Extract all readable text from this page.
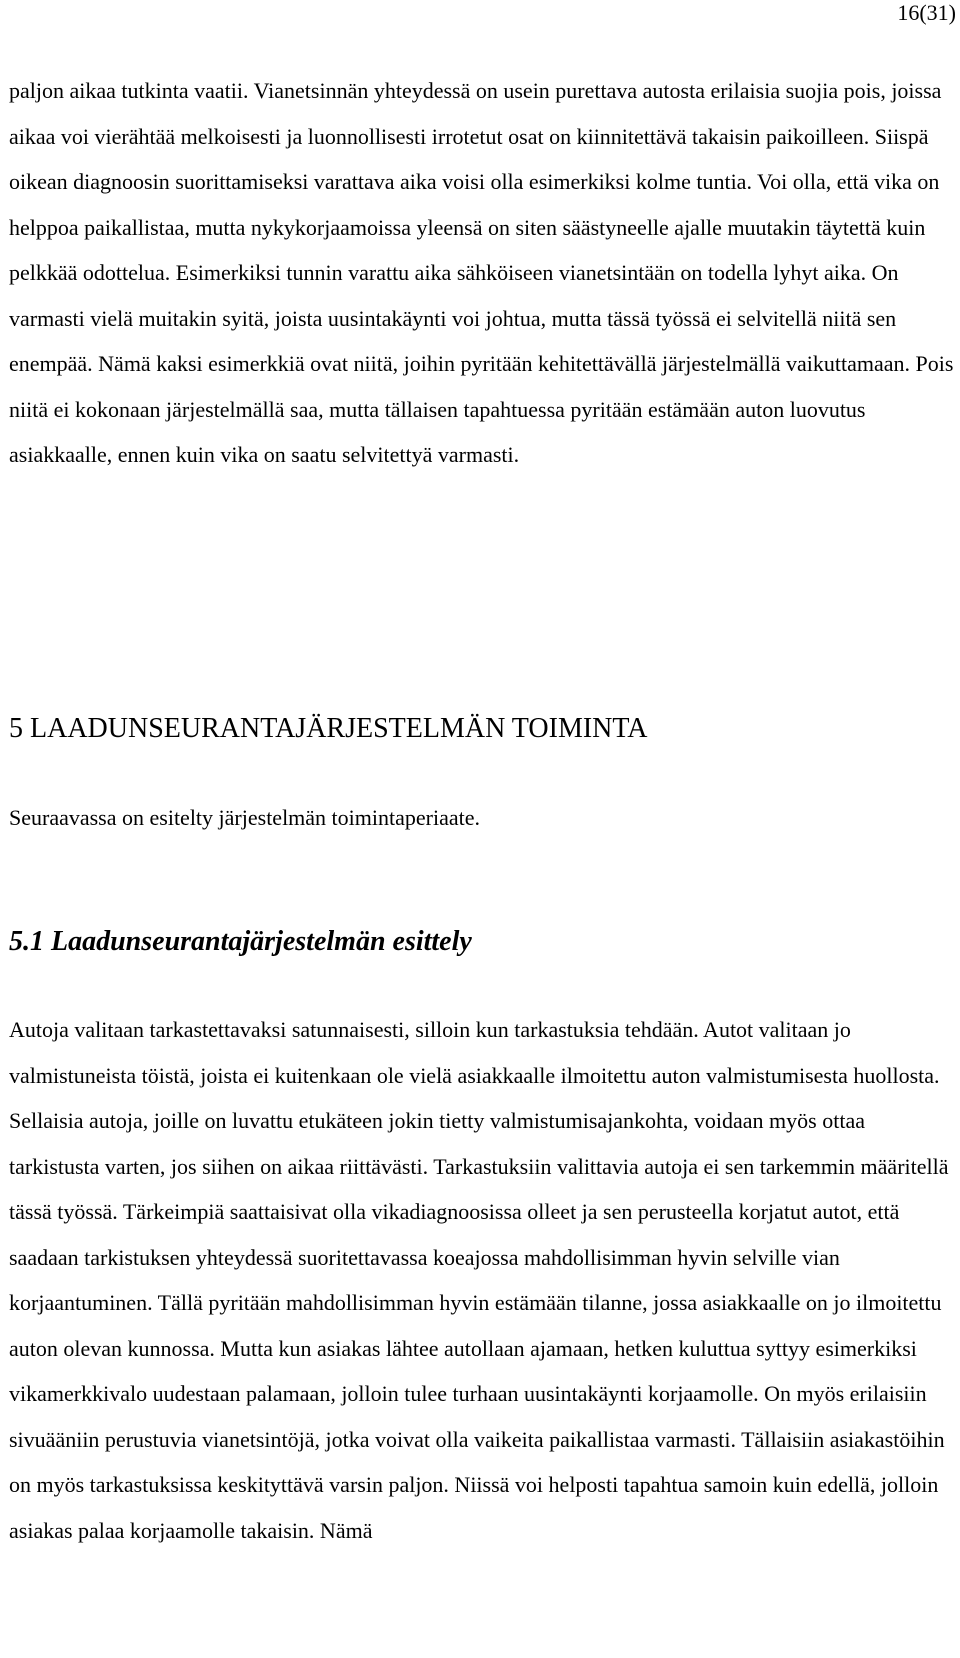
16(31)

paljon aikaa tutkinta vaatii. Vianetsinnän yhteydessä on usein purettava autosta erilaisia suojia pois, joissa aikaa voi vierähtää melkoisesti ja luonnollisesti irrotetut osat on kiinnitettävä takaisin paikoilleen. Siispä oikean diagnoosin suorittamiseksi varattava aika voisi olla esimerkiksi kolme tuntia. Voi olla, että vika on helppoa paikallistaa, mutta nykykorjaamoissa yleensä on siten säästyneelle ajalle muutakin täytettä kuin pelkkää odottelua. Esimerkiksi tunnin varattu aika sähköiseen vianetsintään on todella lyhyt aika. On varmasti vielä muitakin syitä, joista uusintakäynti voi johtua, mutta tässä työssä ei selvitellä niitä sen enempää. Nämä kaksi esimerkkiä ovat niitä, joihin pyritään kehitettävällä järjestelmällä vaikuttamaan. Pois niitä ei kokonaan järjestelmällä saa, mutta tällaisen tapahtuessa pyritään estämään auton luovutus asiakkaalle, ennen kuin vika on saatu selvitettyä varmasti.

5 LAADUNSEURANTAJÄRJESTELMÄN TOIMINTA

Seuraavassa on esitelty järjestelmän toimintaperiaate.

5.1 Laadunseurantajärjestelmän esittely

Autoja valitaan tarkastettavaksi satunnaisesti, silloin kun tarkastuksia tehdään. Autot valitaan jo valmistuneista töistä, joista ei kuitenkaan ole vielä asiakkaalle ilmoitettu auton valmistumisesta huollosta. Sellaisia autoja, joille on luvattu etukäteen jokin tietty valmistumisajankohta, voidaan myös ottaa tarkistusta varten, jos siihen on aikaa riittävästi. Tarkastuksiin valittavia autoja ei sen tarkemmin määritellä tässä työssä. Tärkeimpiä saattaisivat olla vikadiagnoosissa olleet ja sen perusteella korjatut autot, että saadaan tarkistuksen yhteydessä suoritettavassa koeajossa mahdollisimman hyvin selville vian korjaantuminen. Tällä pyritään mahdollisimman hyvin estämään tilanne, jossa asiakkaalle on jo ilmoitettu auton olevan kunnossa. Mutta kun asiakas lähtee autollaan ajamaan, hetken kuluttua syttyy esimerkiksi vikamerkkivalo uudestaan palamaan, jolloin tulee turhaan uusintakäynti korjaamolle. On myös erilaisiin sivuääniin perustuvia vianetsintöjä, jotka voivat olla vaikeita paikallistaa varmasti. Tällaisiin asiakastöihin on myös tarkastuksissa keskityttävä varsin paljon. Niissä voi helposti tapahtua samoin kuin edellä, jolloin asiakas palaa korjaamolle takaisin. Nämä
